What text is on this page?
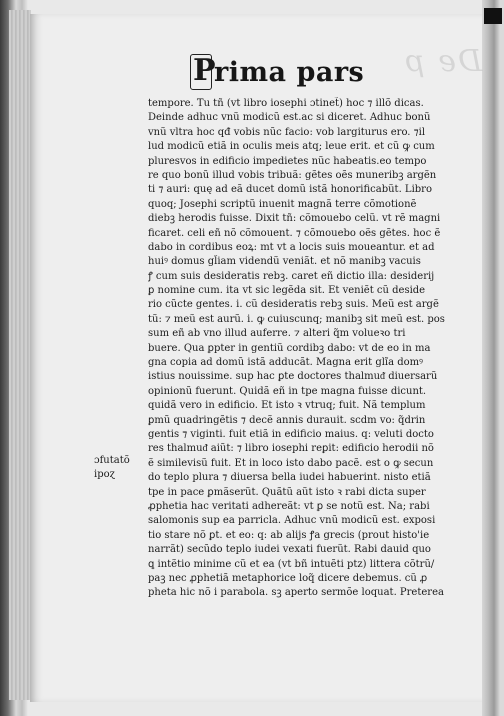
De p
P
rima pars
ɔfutatõ
ipoɀ
tempore. Tu tñ (vt libro iosephi ɔtinet̃) hoc ⁊ illõ dicas.
Deinde adhuc vnũ modicũ est.ac si diceret. Adhuc bonũ
vnũ vltra hoc qđ vobis nũc facio: vob largiturus ero. ⁊il
lud modicũ etiã in oculis meis atq; leue erit. et cũ ꝙ cum
pluresvos in edificio impedietes nũc habeatis.eo tempo
re quo bonũ illud vobis tribuã: gẽtes oẽs muneribꝫ argẽn
ti ⁊ auri: quę ad eã ducet domũ istã honorificabũt. Libro
quoq; Josephi scriptũ inuenit magnã terre cõmotionẽ
diebꝫ herodis fuisse. Dixit tñ: cõmouebo celũ. vt rẽ magni
ficaret. celi eñ nõ cõmouent. ⁊ cõmouebo oẽs gẽtes. hoc ẽ
dabo in cordibus eoꝝ: mt vt a locis suis moueantur. et ad
huiꝰ domus gl̃iam videndũ veniãt. et nõ manibꝫ vacuis
ꝭ cum suis desideratis rebꝫ. caret eñ dictio illa: desiderij
ꝑ nomine cum. ita vt sic legẽda sit. Et veniẽt cũ deside
rio cũcte gentes. i. cũ desideratis rebꝫ suis. Meũ est argẽ
tũ: ⁊ meũ est aurũ. i. ꝙ cuiuscunq; manibꝫ sit meũ est. pos
sum eñ ab vno illud auferre. ⁊ alteri q̃m volueꝛo tri
buere. Qua ꝑpter in gentiũ cordibꝫ dabo: vt de eo in ma
gna copia ad domũ istã adducãt. Magna erit glĩa domꝰ
istius nouissime. sup hac ꝑte doctores thalmuᵭ diuersarũ
opinionũ fuerunt. Quidã eñ in tpe magna fuisse dicunt.
quidã vero in edificio. Et isto ꝛ vtruq; fuit. Nã templum
ꝑmũ quadringẽtis ⁊ decẽ annis durauit. scdm vo: q̃drin
gentis ⁊ viginti. fuit etiã in edificio maius. q: veluti docto
res thalmuᵭ aiũt: ⁊ libro iosephi reꝑit: edificio herodii nõ
ẽ similevisũ fuit. Et in loco isto dabo pacẽ. est o ꝙ secun
do teplo plura ⁊ diuersa bella iudei habuerint. nisto etiã
tpe in pace ꝑmãserũt. Quãtũ aũt isto ꝛ rabi dicta super
ꝓphetia hac veritati adhereãt: vt ꝑ se notũ est. Na; rabi
salomonis sup ea parricla. Adhuc vnũ modicũ est. exposi
tio stare nõ ꝑt. et eo: q: ab alijs ꝭa grecis (prout histo'ie
narrãt) secũdo teplo iudei vexati fuerũt. Rabi dauid quo
ꝗ intẽtio minime cũ et ea (vt bñ intuẽti ptz) littera cõtrũ/
paꝫ nec ꝓphetiã metaphorice loq̃ dicere debemus. cũ ꝓ
pheta hic nõ i parabola. sꝫ aperto sermõe loquat. Preterea
